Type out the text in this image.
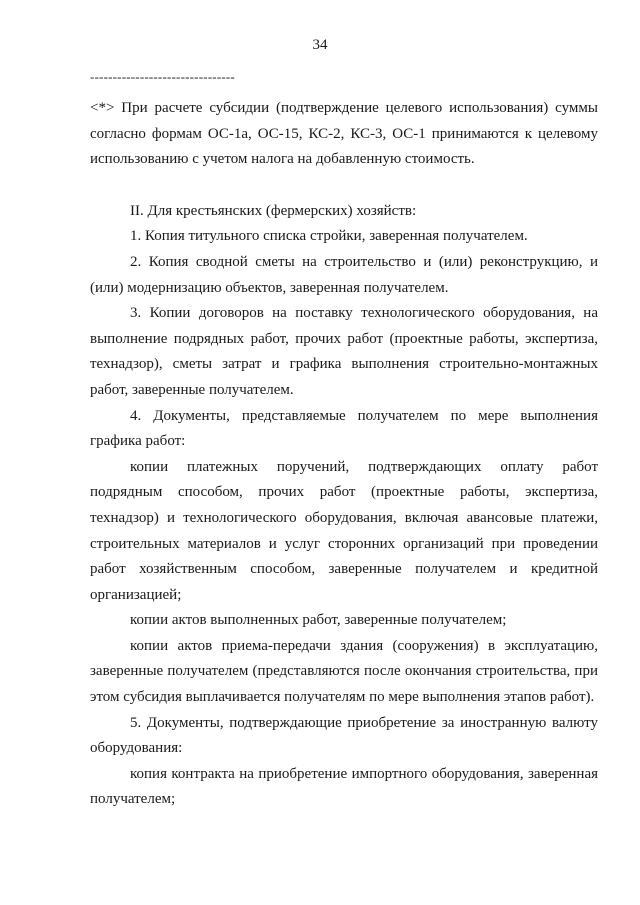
34
--------------------------------

<*> При расчете субсидии (подтверждение целевого использования) суммы согласно формам ОС-1а, ОС-15, КС-2, КС-3, ОС-1 принимаются к целевому использованию с учетом налога на добавленную стоимость.

II. Для крестьянских (фермерских) хозяйств:

1. Копия титульного списка стройки, заверенная получателем.

2. Копия сводной сметы на строительство и (или) реконструкцию, и (или) модернизацию объектов, заверенная получателем.

3. Копии договоров на поставку технологического оборудования, на выполнение подрядных работ, прочих работ (проектные работы, экспертиза, технадзор), сметы затрат и графика выполнения строительно-монтажных работ, заверенные получателем.

4. Документы, представляемые получателем по мере выполнения графика работ:

копии платежных поручений, подтверждающих оплату работ подрядным способом, прочих работ (проектные работы, экспертиза, технадзор) и технологического оборудования, включая авансовые платежи, строительных материалов и услуг сторонних организаций при проведении работ хозяйственным способом, заверенные получателем и кредитной организацией;

копии актов выполненных работ, заверенные получателем;

копии актов приема-передачи здания (сооружения) в эксплуатацию, заверенные получателем (представляются после окончания строительства, при этом субсидия выплачивается получателям по мере выполнения этапов работ).

5. Документы, подтверждающие приобретение за иностранную валюту оборудования:

копия контракта на приобретение импортного оборудования, заверенная получателем;
